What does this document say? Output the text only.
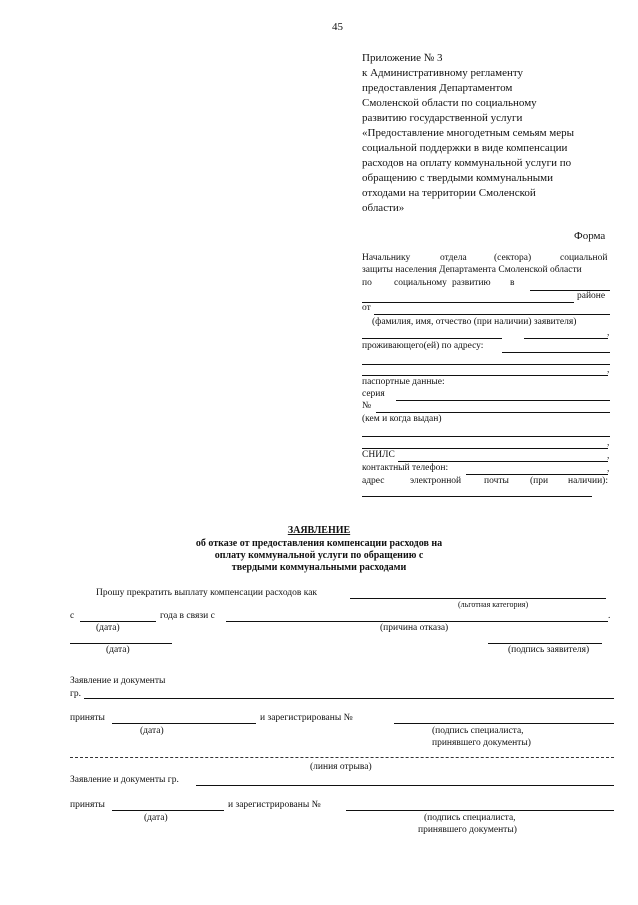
45
Приложение № 3
к Административному регламенту
предоставления Департаментом
Смоленской области по социальному
развитию государственной услуги
«Предоставление многодетным семьям меры
социальной поддержки в виде компенсации
расходов на оплату коммунальной услуги по
обращению с твердыми коммунальными
отходами на территории Смоленской
области»
Форма
Начальнику	отдела	(сектора)	социальной
защиты населения Департамента Смоленской области
по социальному развитию в
районе
от
(фамилия, имя, отчество (при наличии) заявителя)
,
проживающего(ей) по адресу:
,
паспортные данные:
серия
№
(кем и когда выдан)
,
СНИЛС	,
контактный телефон:	,
адрес	электронной почты (при наличии):
ЗАЯВЛЕНИЕ
об отказе от предоставления компенсации расходов на
оплату коммунальной услуги по обращению с
твердыми коммунальными расходами
Прошу прекратить выплату компенсации расходов как
(льготная категория)
с	года в связи с	.
(дата)	(причина отказа)
(дата)	(подпись заявителя)
Заявление и документы
гр.
приняты	и зарегистрированы №
(дата)	(подпись специалиста,
принявшего документы)
(линия отрыва)
Заявление и документы гр.
приняты	и зарегистрированы №
(дата)	(подпись специалиста,
принявшего документы)
